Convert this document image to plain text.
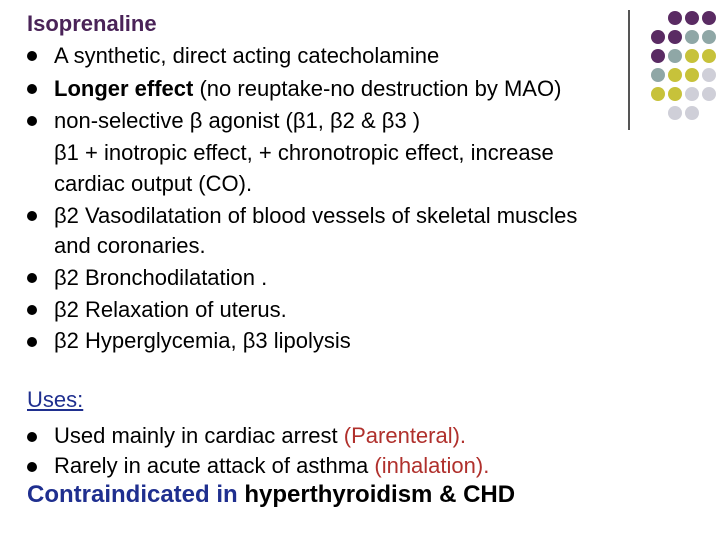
Isoprenaline
A synthetic, direct acting catecholamine
Longer effect (no reuptake-no destruction by MAO)
non-selective β agonist (β1, β2 & β3 )
β1 + inotropic effect, + chronotropic effect, increase
cardiac output (CO).
β2 Vasodilatation of blood vessels of skeletal muscles
and coronaries.
β2 Bronchodilatation .
β2 Relaxation of uterus.
β2 Hyperglycemia, β3 lipolysis
Uses:
Used mainly in cardiac arrest (Parenteral).
Rarely in acute attack of asthma (inhalation).
Contraindicated in hyperthyroidism & CHD
